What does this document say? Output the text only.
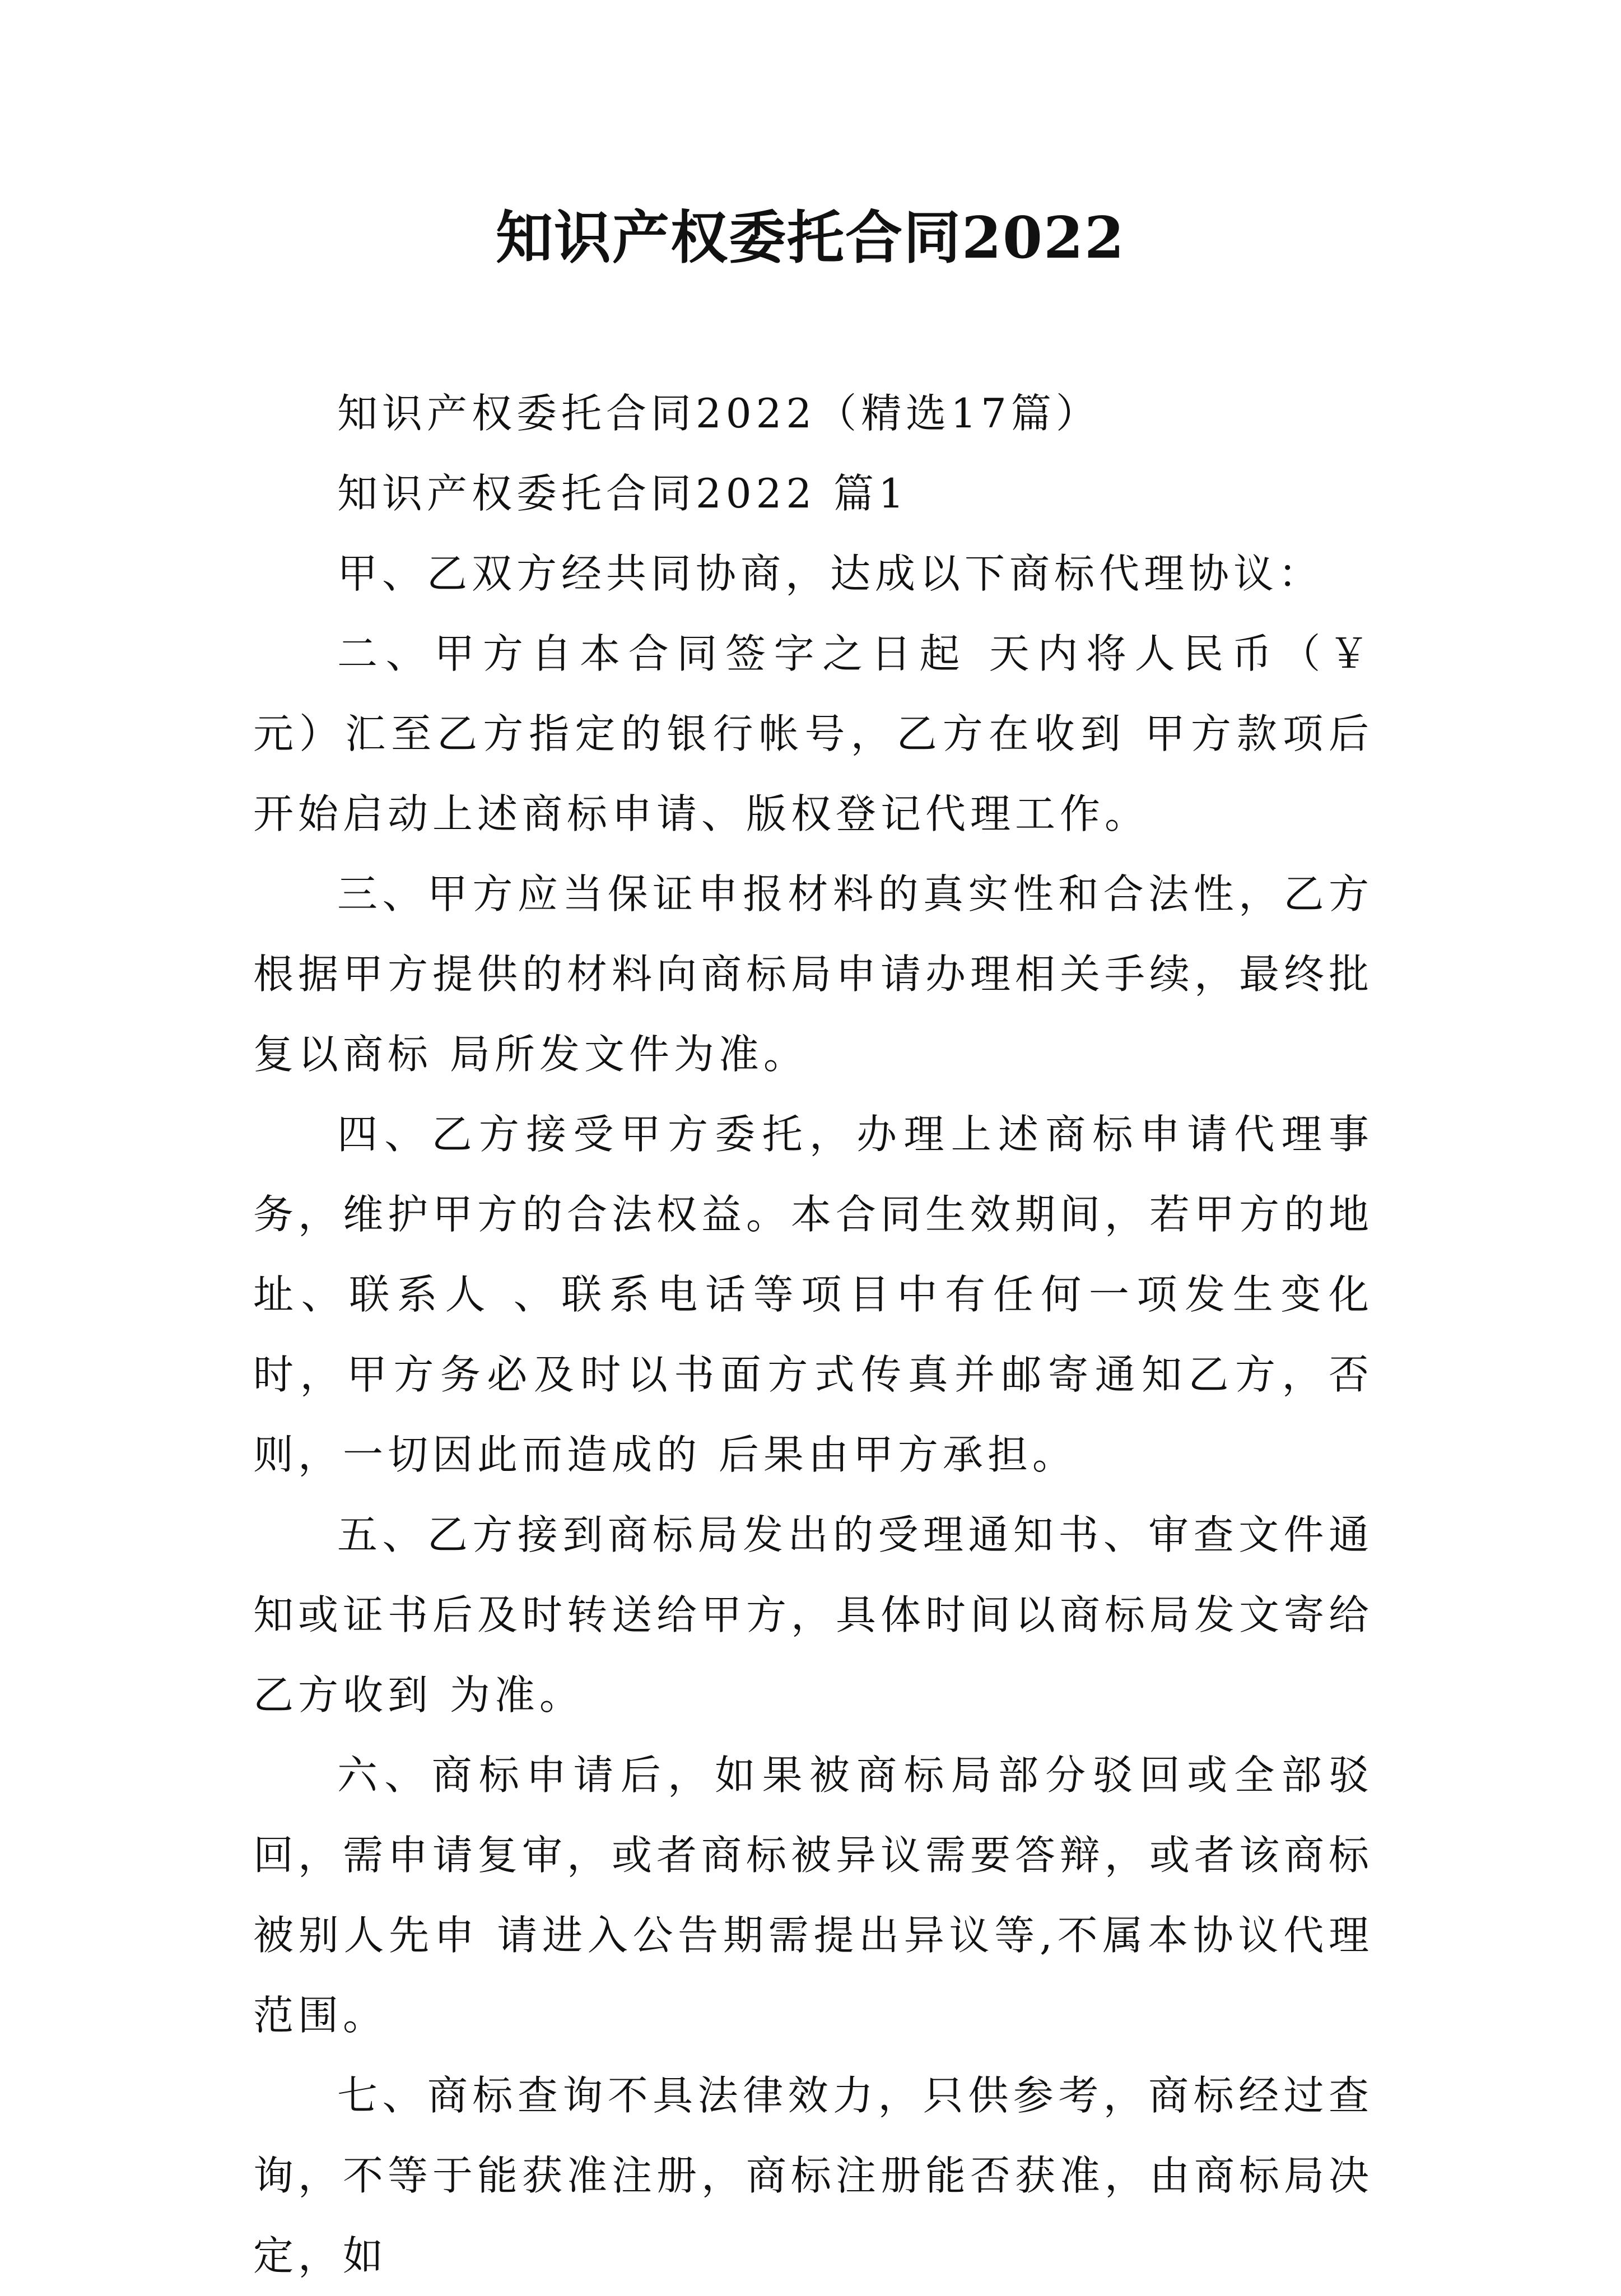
知识产权委托合同2022

知识产权委托合同2022（精选17篇）

知识产权委托合同2022 篇1

甲、乙双方经共同协商，达成以下商标代理协议：

二、甲方自本合同签字之日起 天内将人民币（￥ 元）汇至乙方指定的银行帐号，乙方在收到 甲方款项后开始启动上述商标申请、版权登记代理工作。

三、甲方应当保证申报材料的真实性和合法性，乙方根据甲方提供的材料向商标局申请办理相关手续，最终批复以商标 局所发文件为准。

四、乙方接受甲方委托，办理上述商标申请代理事务，维护甲方的合法权益。本合同生效期间，若甲方的地址、联系人 、联系电话等项目中有任何一项发生变化时，甲方务必及时以书面方式传真并邮寄通知乙方，否则，一切因此而造成的 后果由甲方承担。

五、乙方接到商标局发出的受理通知书、审查文件通知或证书后及时转送给甲方，具体时间以商标局发文寄给乙方收到 为准。

六、商标申请后，如果被商标局部分驳回或全部驳回，需申请复审，或者商标被异议需要答辩，或者该商标被别人先申 请进入公告期需提出异议等,不属本协议代理范围。

七、商标查询不具法律效力，只供参考，商标经过查询，不等于能获准注册，商标注册能否获准，由商标局决定，如
